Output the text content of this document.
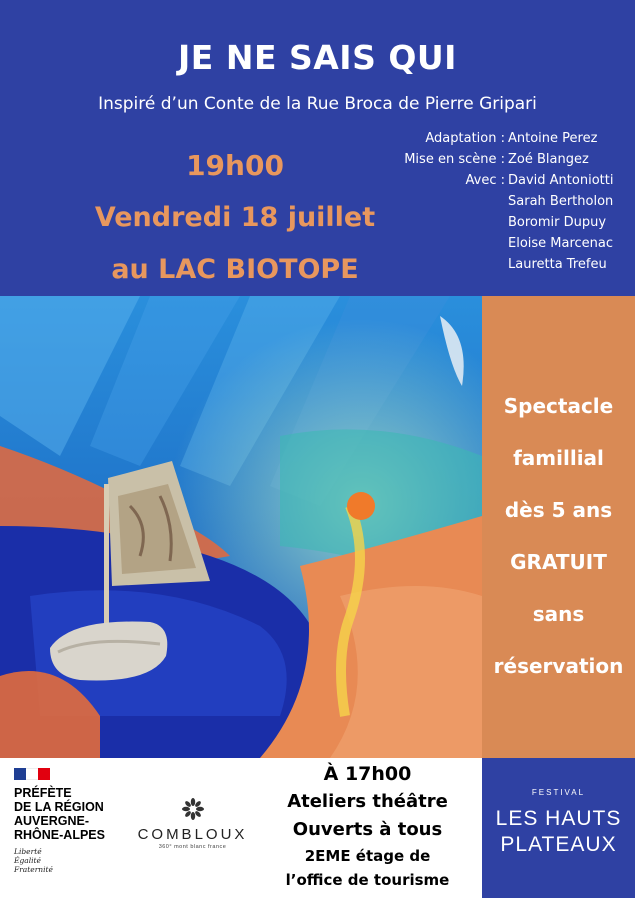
JE NE SAIS QUI
Inspiré d’un Conte de la Rue Broca de Pierre Gripari
19h00
Vendredi 18 juillet
au LAC BIOTOPE
Adaptation : Antoine Perez
Mise en scène : Zoé Blangez
Avec : David Antoniotti
Sarah Bertholon
Boromir Dupuy
Eloise Marcenac
Lauretta Trefeu
Spectacle
famillial
dès 5 ans
GRATUIT
sans
réservation
PRÉFÈTE
DE LA RÉGION
AUVERGNE-
RHÔNE-ALPES
Liberté
Égalité
Fraternité
COMBLOUX
360° mont blanc france
À 17h00
Ateliers théâtre
Ouverts à tous
2EME étage de
l’office de tourisme
FESTIVAL
LES HAUTS
PLATEAUX
